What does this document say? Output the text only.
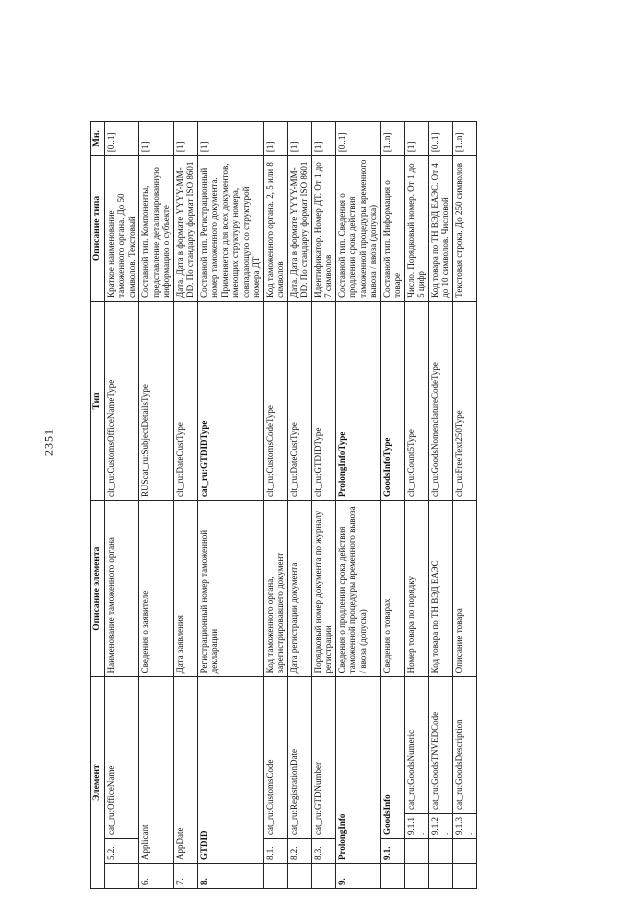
2351
Элемент				Описание элемента	Тип	Описание типа	Мн.
	5.2.	cat_ru:OfficeName		Наименование таможенного органа	clt_ru:CustomsOfficeNameType	Краткое наименование таможенного органа. До 50 символов. Текстовый	[0..1]
6.	Applicant			Сведения о заявителе	RUScat_ru:SubjectDetailsType	Составной тип. Компоненты, представление детализированную информацию о субъекте	[1]
7.	AppDate			Дата заявления	clt_ru:DateCustType	Дата. Дата в формате YYYY-MM-DD. По стандарту формат ISO 8601	[1]
8.	GTDID			Регистрационный номер таможенной декларации	cat_ru:GTDIDType	Составной тип. Регистрационный номер таможенного документа. Применяется для всех документов, имеющих структуру номера, совпадающую со структурой номера ДТ	[1]
	8.1.	cat_ru:CustomsCode		Код таможенного органа, зарегистрировавшего документ	clt_ru:CustomsCodeType	Код таможенного органа. 2, 5 или 8 символов	[1]
	8.2.	cat_ru:RegistrationDate		Дата регистрации документа	clt_ru:DateCustType	Дата. Дата в формате YYYY-MM-DD. По стандарту формат ISO 8601	[1]
	8.3.	cat_ru:GTDNumber		Порядковый номер документа по журналу регистрации	clt_ru:GTDIDType	Идентификатор. Номер ДТ. От 1 до 7 символов	[1]
9.	ProlongInfo			Сведения о продлении срока действия таможенной процедуры временного вывоза / ввоза (допуска)	ProlongInfoType	Составной тип. Сведения о продлении срока действия таможенной процедуры временного вывоза / ввоза (допуска)	[0..1]
	9.1.	GoodsInfo		Сведения о товарах	GoodsInfoType	Составной тип. Информация о товаре	[1..n]
		9.1.1.	cat_ru:GoodsNumeric	Номер товара по порядку	clt_ru:Count5Type	Число. Порядковый номер. От 1 до 5 цифр	[1]
		9.1.2.	cat_ru:GoodsTNVEDCode	Код товара по ТН ВЭД ЕАЭС	clt_ru:GoodsNomenclatureCodeType	Код товара по ТН ВЭД ЕАЭС. От 4 до 10 символов. Числовой	[0..1]
		9.1.3.	cat_ru:GoodsDescription	Описание товара	clt_ru:FreeText250Type	Текстовая строка. До 250 символов	[1..n]
